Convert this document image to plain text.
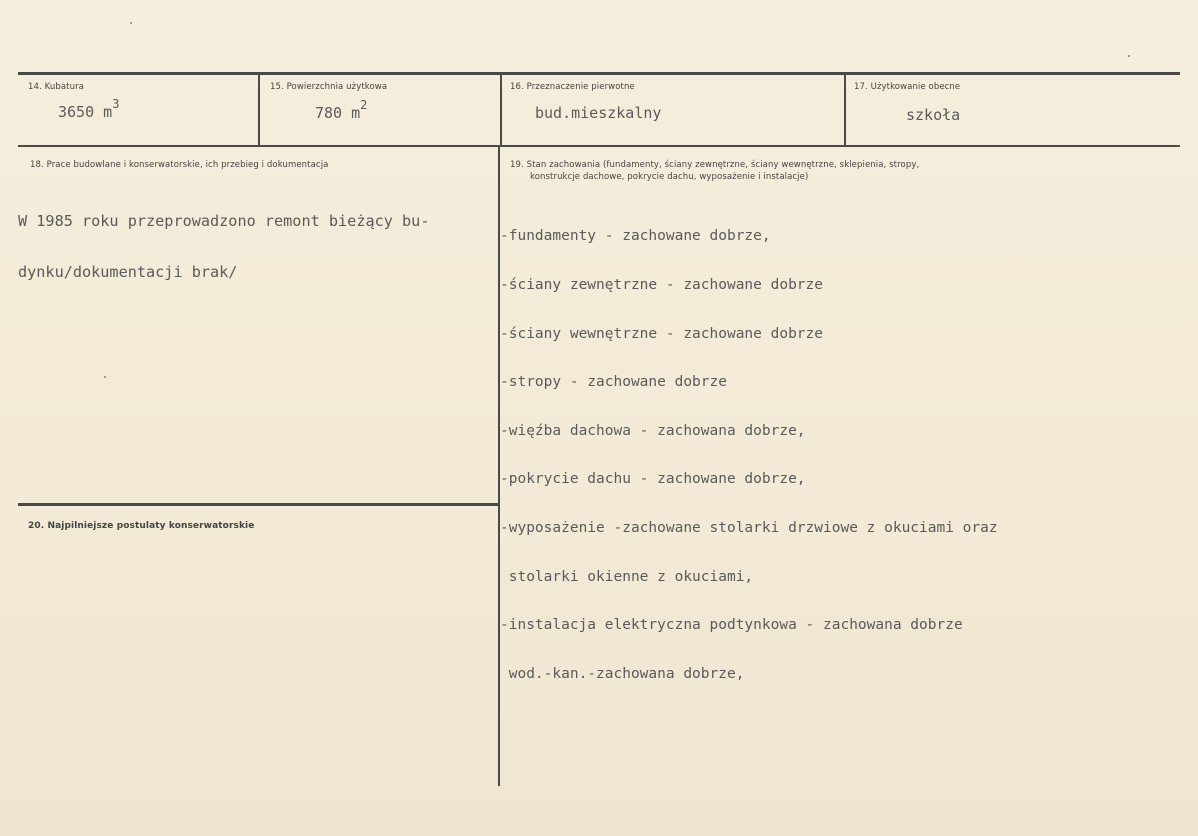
14. Kubatura
3650 $m^3$
15. Powierzchnia użytkowa
780 $m^2$
16. Przeznaczenie pierwotne
bud.mieszkalny
17. Użytkowanie obecne
szkoła
18. Prace budowlane i konserwatorskie, ich przebieg i dokumentacja

W 1985 roku przeprowadzono remont bieżący bu-

dynku/dokumentacji brak/

19. Stan zachowania (fundamenty, ściany zewnętrzne, ściany wewnętrzne, sklepienia, stropy,
konstrukcje dachowe, pokrycie dachu, wyposażenie i instalacje)

-fundamenty - zachowane dobrze,

-ściany zewnętrzne - zachowane dobrze

-ściany wewnętrzne - zachowane dobrze

-stropy - zachowane dobrze

-więźba dachowa - zachowana dobrze,

-pokrycie dachu - zachowane dobrze,

-wyposażenie -zachowane stolarki drzwiowe z okuciami oraz

stolarki okienne z okuciami,

-instalacja elektryczna podtynkowa - zachowana dobrze

wod.-kan.-zachowana dobrze,

20. Najpilniejsze postulaty konserwatorskie
